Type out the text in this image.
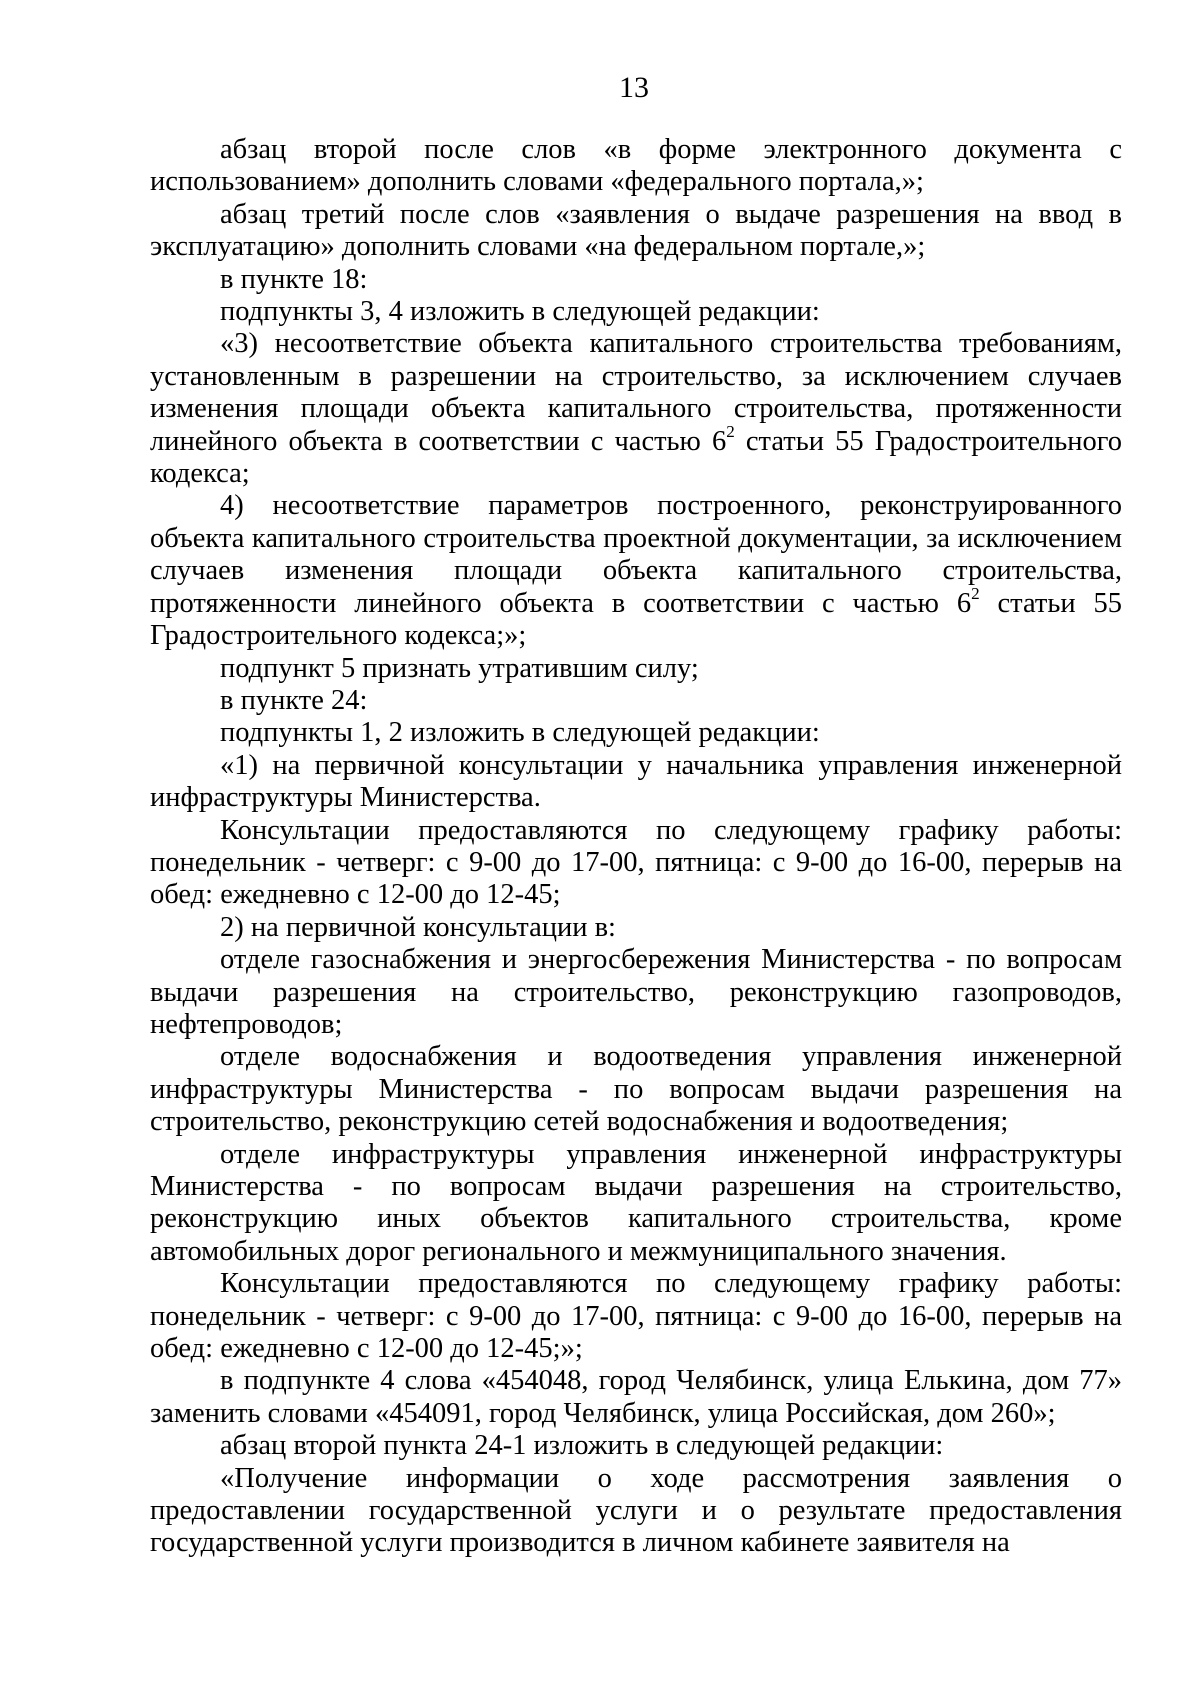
13

абзац второй после слов «в форме электронного документа с использованием» дополнить словами «федерального портала,»;

абзац третий после слов «заявления о выдаче разрешения на ввод в эксплуатацию» дополнить словами «на федеральном портале,»;

в пункте 18:

подпункты 3, 4 изложить в следующей редакции:

«3) несоответствие объекта капитального строительства требованиям, установленным в разрешении на строительство, за исключением случаев изменения площади объекта капитального строительства, протяженности линейного объекта в соответствии с частью $6^2$ статьи 55 Градостроительного кодекса;

4) несоответствие параметров построенного, реконструированного объекта капитального строительства проектной документации, за исключением случаев изменения площади объекта капитального строительства, протяженности линейного объекта в соответствии с частью $6^2$ статьи 55 Градостроительного кодекса;»;

подпункт 5 признать утратившим силу;

в пункте 24:

подпункты 1, 2 изложить в следующей редакции:

«1) на первичной консультации у начальника управления инженерной инфраструктуры Министерства.

Консультации предоставляются по следующему графику работы: понедельник - четверг: с 9-00 до 17-00, пятница: с 9-00 до 16-00, перерыв на обед: ежедневно с 12-00 до 12-45;

2) на первичной консультации в:

отделе газоснабжения и энергосбережения Министерства - по вопросам выдачи разрешения на строительство, реконструкцию газопроводов, нефтепроводов;

отделе водоснабжения и водоотведения управления инженерной инфраструктуры Министерства - по вопросам выдачи разрешения на строительство, реконструкцию сетей водоснабжения и водоотведения;

отделе инфраструктуры управления инженерной инфраструктуры Министерства - по вопросам выдачи разрешения на строительство, реконструкцию иных объектов капитального строительства, кроме автомобильных дорог регионального и межмуниципального значения.

Консультации предоставляются по следующему графику работы: понедельник - четверг: с 9-00 до 17-00, пятница: с 9-00 до 16-00, перерыв на обед: ежедневно с 12-00 до 12-45;»;

в подпункте 4 слова «454048, город Челябинск, улица Елькина, дом 77» заменить словами «454091, город Челябинск, улица Российская, дом 260»;

абзац второй пункта 24-1 изложить в следующей редакции:

«Получение информации о ходе рассмотрения заявления о предоставлении государственной услуги и о результате предоставления государственной услуги производится в личном кабинете заявителя на
